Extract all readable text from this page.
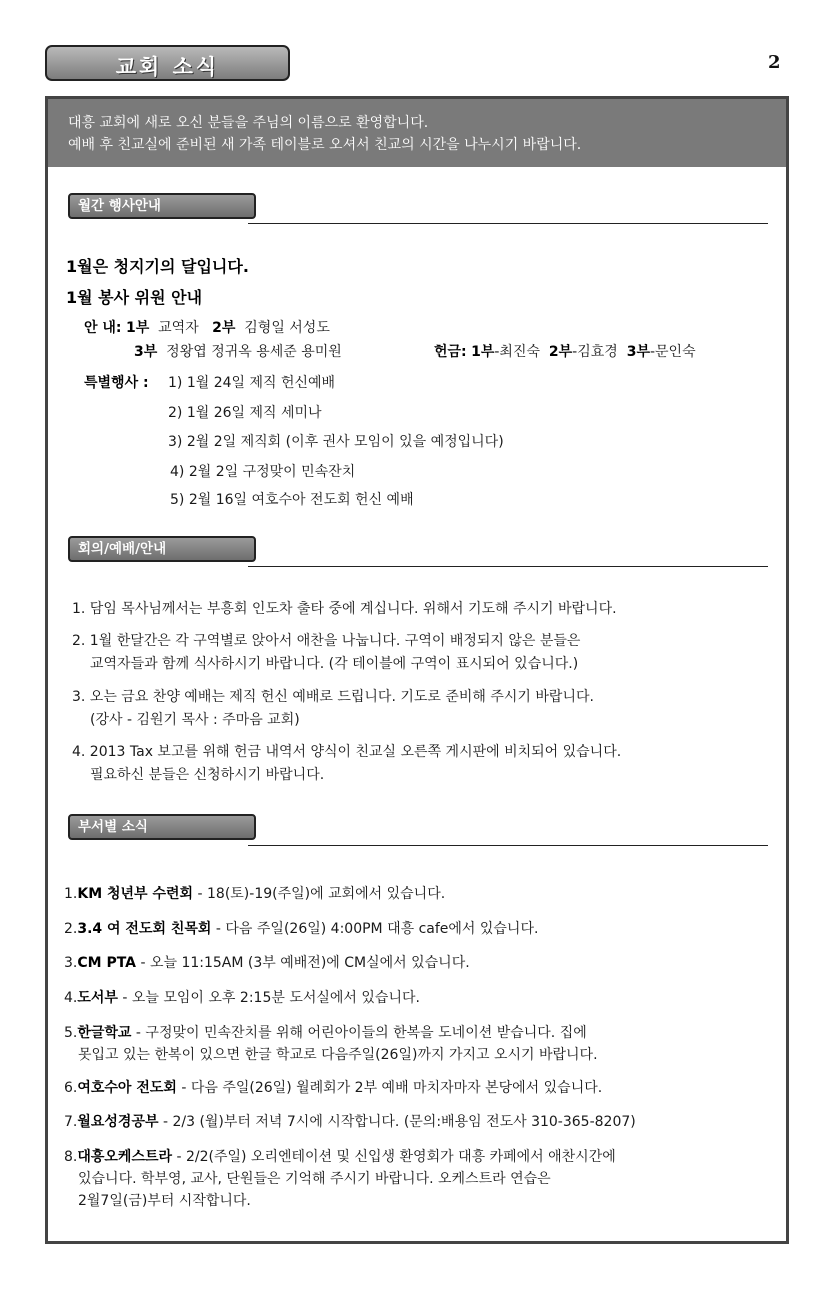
교회 소식	2
대흥 교회에 새로 오신 분들을 주님의 이름으로 환영합니다.
예배 후 친교실에 준비된 새 가족 테이블로 오셔서 친교의 시간을 나누시기 바랍니다.
월간 행사안내
1월은 청지기의 달입니다.
1월 봉사 위원 안내
안 내: 1부 교역자 2부 김형일 서성도
3부 정왕엽 정귀옥 용세준 용미원	헌금: 1부-최진숙 2부-김효경 3부-문인숙
특별행사 : 1) 1월 24일 제직 헌신예배
2) 1월 26일 제직 세미나
3) 2월 2일 제직회 (이후 권사 모임이 있을 예정입니다)
4) 2월 2일 구정맞이 민속잔치
5) 2월 16일 여호수아 전도회 헌신 예배
회의/예배/안내
1. 담임 목사님께서는 부흥회 인도차 출타 중에 계십니다. 위해서 기도해 주시기 바랍니다.
2. 1월 한달간은 각 구역별로 앉아서 애찬을 나눕니다. 구역이 배정되지 않은 분들은
교역자들과 함께 식사하시기 바랍니다. (각 테이블에 구역이 표시되어 있습니다.)
3. 오는 금요 찬양 예배는 제직 헌신 예배로 드립니다. 기도로 준비해 주시기 바랍니다.
(강사 - 김원기 목사 : 주마음 교회)
4. 2013 Tax 보고를 위해 헌금 내역서 양식이 친교실 오른쪽 게시판에 비치되어 있습니다.
필요하신 분들은 신청하시기 바랍니다.
부서별 소식
1.KM 청년부 수련회 - 18(토)-19(주일)에 교회에서 있습니다.
2.3.4 여 전도회 친목회 - 다음 주일(26일) 4:00PM 대흥 cafe에서 있습니다.
3.CM PTA - 오늘 11:15AM (3부 예배전)에 CM실에서 있습니다.
4.도서부 - 오늘 모임이 오후 2:15분 도서실에서 있습니다.
5.한글학교 - 구정맞이 민속잔치를 위해 어린아이들의 한복을 도네이션 받습니다. 집에
못입고 있는 한복이 있으면 한글 학교로 다음주일(26일)까지 가지고 오시기 바랍니다.
6.여호수아 전도회 - 다음 주일(26일) 월례회가 2부 예배 마치자마자 본당에서 있습니다.
7.월요성경공부 - 2/3 (월)부터 저녁 7시에 시작합니다. (문의:배용임 전도사 310-365-8207)
8.대흥오케스트라 - 2/2(주일) 오리엔테이션 및 신입생 환영회가 대흥 카페에서 애찬시간에
있습니다. 학부영, 교사, 단원들은 기억해 주시기 바랍니다. 오케스트라 연습은
2월7일(금)부터 시작합니다.
